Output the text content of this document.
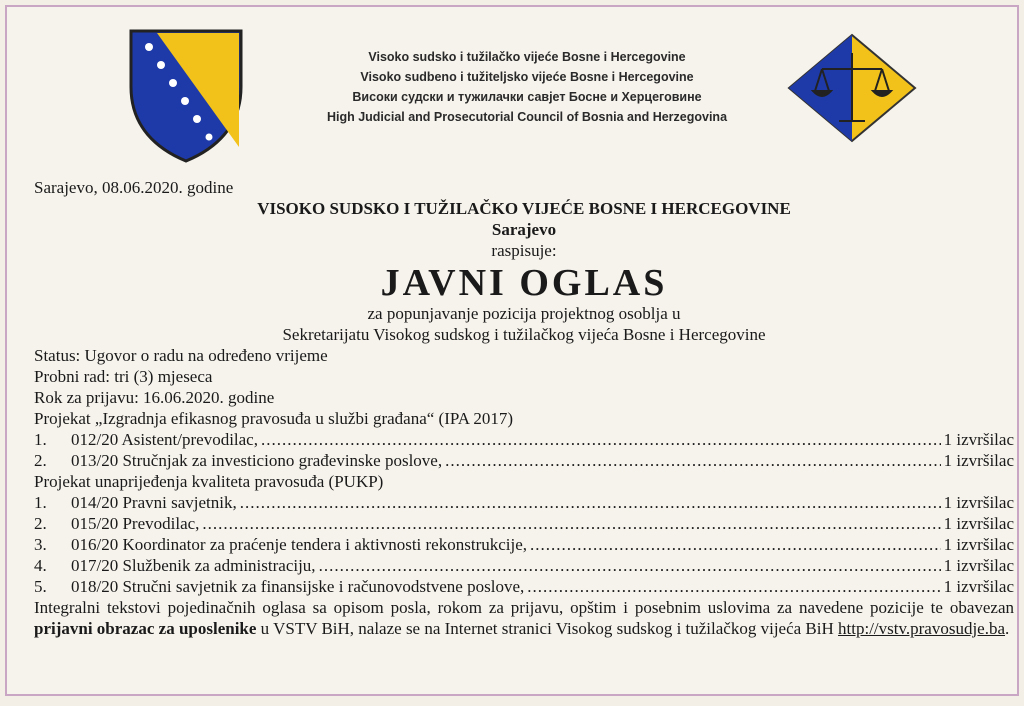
Visoko sudsko i tužilačko vijeće Bosne i Hercegovine
Visoko sudbeno i tužiteljsko vijeće Bosne i Hercegovine
Високи судски и тужилачки савјет Босне и Херцеговине
High Judicial and Prosecutorial Council of Bosnia and Herzegovina
Sarajevo, 08.06.2020. godine
VISOKO SUDSKO I TUŽILAČKO VIJEĆE BOSNE I HERCEGOVINE
Sarajevo
raspisuje:
JAVNI OGLAS
za popunjavanje pozicija projektnog osoblja u
Sekretarijatu Visokog sudskog i tužilačkog vijeća Bosne i Hercegovine
Status: Ugovor o radu na određeno vrijeme
Probni rad: tri (3) mjeseca
Rok za prijavu: 16.06.2020. godine
Projekat „Izgradnja efikasnog pravosuđa u službi građana“ (IPA 2017)
1.	012/20 Asistent/prevodilac, .....	1 izvršilac
2.	013/20 Stručnjak za investiciono građevinske poslove, .....	1 izvršilac
Projekat unaprijeđenja kvaliteta pravosuđa (PUKP)
1.	014/20 Pravni savjetnik, .....	1 izvršilac
2.	015/20 Prevodilac, .....	1 izvršilac
3.	016/20 Koordinator za praćenje tendera i aktivnosti rekonstrukcije, .....	1 izvršilac
4.	017/20 Službenik za administraciju, .....	1 izvršilac
5.	018/20 Stručni savjetnik za finansijske i računovodstvene poslove, .....	1 izvršilac
Integralni tekstovi pojedinačnih oglasa sa opisom posla, rokom za prijavu, opštim i posebnim uslovima za navedene pozicije te obavezan prijavni obrazac za uposlenike u VSTV BiH, nalaze se na Internet stranici Visokog sudskog i tužilačkog vijeća BiH http://vstv.pravosudje.ba.
